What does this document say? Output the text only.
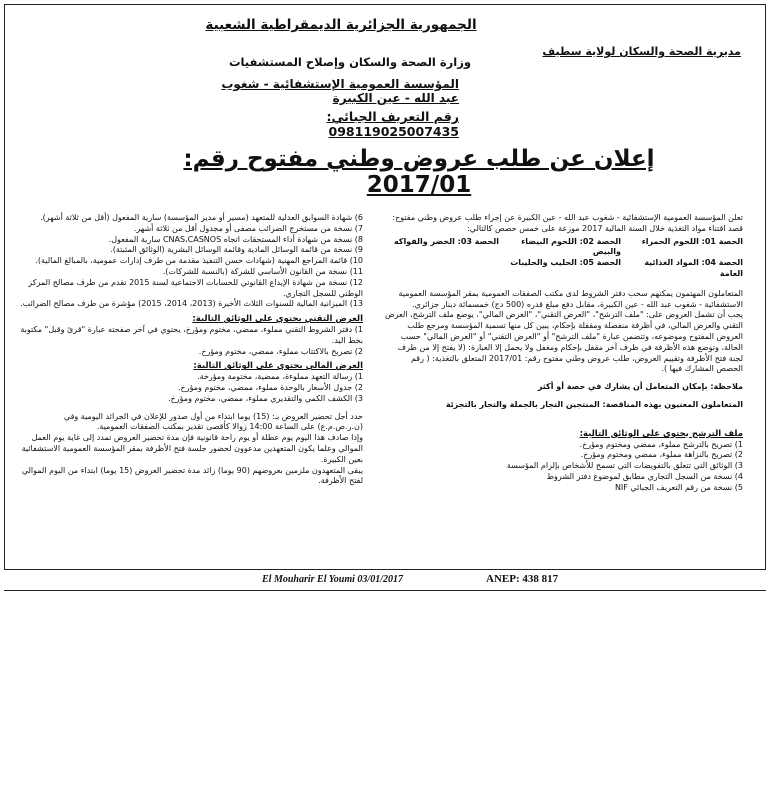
الجمهورية الجزائرية الديمقراطية الشعبية
مديرية الصحة والسكان لولاية سطيف
وزارة الصحة والسكان وإصلاح المستشفيات
المؤسسة العمومية الإستشفائية - شغوب عبد الله - عين الكبيرة
رقم التعريف الجبائي: 098119025007435
إعلان عن طلب عروض وطني مفتوح رقم: 2017/01

تعلن المؤسسة العمومية الإستشفائية - شغوب عبد الله - عين الكبيرة عن إجراء طلب عروض وطني مفتوح:

قصد اقتناء مواد التغذية خلال السنة المالية 2017 موزعة على خمس حصص كالتالي:

الحصة 01: اللحوم الحمراء
الحصة 02: اللحوم البيضاء والبيض
الحصة 03: الخضر والفواكه
الحصة 04: المواد الغذائية العامة
الحصة 05: الحليب والحليبات

المتعاملون المهتمون يمكنهم سحب دفتر الشروط لدى مكتب الصفقات العمومية بمقر المؤسسة العمومية الاستشفائية - شغوب عبد الله - عين الكبيرة، مقابل دفع مبلغ قدره (500 دج) خمسمائة دينار جزائري.

يجب أن تشمل العروض على: "ملف الترشح"، "العرض التقني"، "العرض المالي"، يوضع ملف الترشح، العرض التقني والعرض المالي، في أظرفة منفصلة ومقفلة بإحكام، يبين كل منها تسمية المؤسسة ومرجع طلب العروض المفتوح وموضوعه، وتتضمن عبارة "ملف الترشح" أو "العرض التقني" أو "العرض المالي" حسب الحالة، وتوضع هذه الأظرفة في ظرف آخر مقفل بإحكام ومغفل ولا يحمل إلا العبارة: (لا يفتح إلا من طرف لجنة فتح الأظرفة وتقييم العروض، طلب عروض وطني مفتوح رقم: 2017/01 المتعلق بالتغذية: ( رقم الحصص المشارك فيها ).

ملاحظة: بإمكان المتعامل أن يشارك في حصة أو أكثر

المتعاملون المعنيون بهذه المناقصة: المنتجين التجار بالجملة والتجار بالتجزئة

ملف الترشح يحتوي على الوثائق التالية:

1) تصريح بالترشح مملوء، ممضي ومختوم ومؤرخ.

2) تصريح بالنزاهة مملوء، ممضي ومختوم ومؤرخ.

3) الوثائق التي تتعلق بالتفويضات التي تسمح للأشخاص بإلزام المؤسسة

4) نسخة من السجل التجاري مطابق لموضوع دفتر الشروط

5) نسخة من رقم التعريف الجبائي NIF

6) شهادة السوابق العدلية للمتعهد (مسير أو مدير المؤسسة) سارية المفعول (أقل من ثلاثة أشهر).

7) نسخة من مستخرج الضرائب مصفى أو مجدول أقل من ثلاثة أشهر.

8) نسخة من شهادة أداء المستحقات اتجاه CNAS،CASNOS سارية المفعول.

9) نسخة من قائمة الوسائل المادية وقائمة الوسائل البشرية (الوثائق المثبتة).

10) قائمة المراجع المهنية (شهادات حسن التنفيذ مقدمة من طرف إدارات عمومية، بالمبالغ المالية).

11) نسخة من القانون الأساسي للشركة (بالنسبة للشركات).

12) نسخة من شهادة الإيداع القانوني للحسابات الاجتماعية لسنة 2015 تقدم من طرف مصالح المركز الوطني للسجل التجاري.

13) الميزانية المالية للسنوات الثلاث الأخيرة (2013، 2014، 2015) مؤشرة من طرف مصالح الضرائب.

العرض التقني يحتوي على الوثائق التالية:

1) دفتر الشروط التقني مملوء، ممضي، مختوم ومؤرخ، يحتوي في آخر صفحته عبارة "قرئ وقبل" مكتوبة بخط اليد.

2) تصريح بالاكتتاب مملوء، ممضي، مختوم ومؤرخ.

العرض المالي يحتوي على الوثائق التالية:

1) رسالة التعهد مملوءة، ممضية، مختومة ومؤرخة.

2) جدول الأسعار بالوحدة مملوء، ممضي، مختوم ومؤرخ.

3) الكشف الكمي والتقديري مملوء، ممضي، مختوم ومؤرخ.

حدد أجل تحضير العروض بـ: (15) يوما ابتداء من أول صدور للإعلان في الجرائد اليومية وفي (ن.ر.ص.م.ع) على الساعة 14:00 زوالا كأقصى تقدير بمكتب الصفقات العمومية.

وإذا صادف هذا اليوم يوم عطلة أو يوم راحة قانونية فإن مدة تحضير العروض تمدد إلى غاية يوم العمل الموالي وعلما يكون المتعهدين مدعوون لحضور جلسة فتح الأظرفة بمقر المؤسسة العمومية الاستشفائية بعين الكبيرة.

يبقى المتعهدون ملزمين بعروضهم (90 يوما) زائد مدة تحضير العروض (15 يوما) ابتداء من اليوم الموالي لفتح الأظرفة.

El Mouharir El Youmi 03/01/2017	ANEP: 438 817
